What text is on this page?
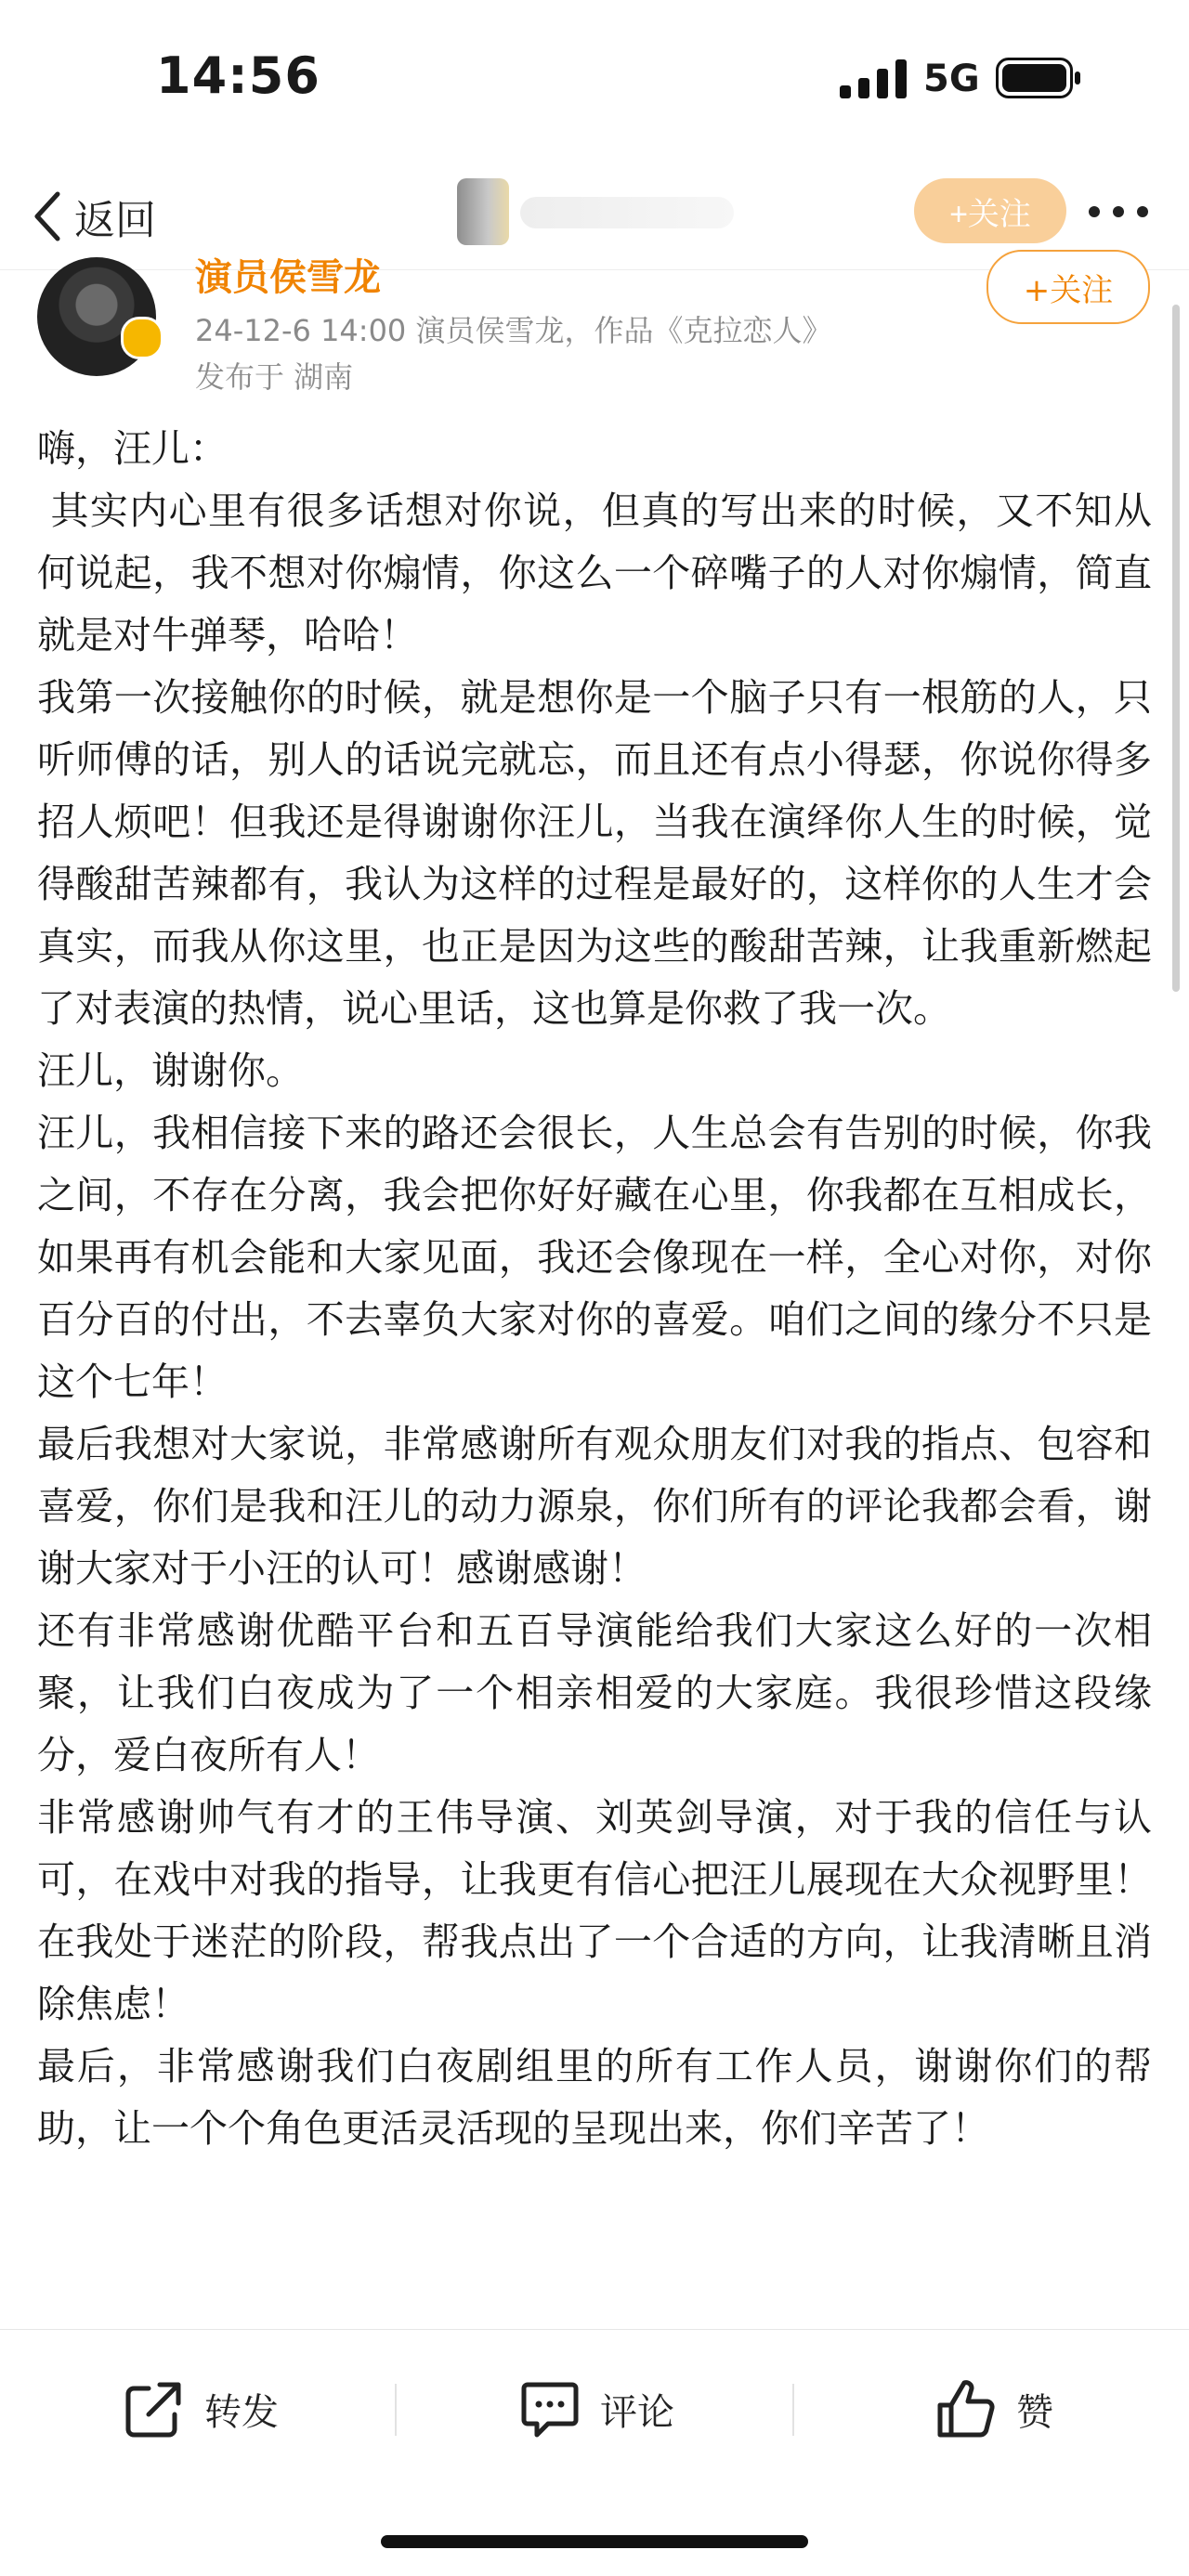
14:56	5G
返回	+关注
演员侯雪龙	+关注
24-12-6 14:00 演员侯雪龙，作品《克拉恋人》
发布于 湖南

嗨，汪儿：

其实内心里有很多话想对你说，但真的写出来的时候，又不知从何说起，我不想对你煽情，你这么一个碎嘴子的人对你煽情，简直就是对牛弹琴，哈哈！

我第一次接触你的时候，就是想你是一个脑子只有一根筋的人，只听师傅的话，别人的话说完就忘，而且还有点小得瑟，你说你得多招人烦吧！但我还是得谢谢你汪儿，当我在演绎你人生的时候，觉得酸甜苦辣都有，我认为这样的过程是最好的，这样你的人生才会真实，而我从你这里，也正是因为这些的酸甜苦辣，让我重新燃起了对表演的热情，说心里话，这也算是你救了我一次。

汪儿，谢谢你。

汪儿，我相信接下来的路还会很长，人生总会有告别的时候，你我之间，不存在分离，我会把你好好藏在心里，你我都在互相成长，如果再有机会能和大家见面，我还会像现在一样，全心对你，对你百分百的付出，不去辜负大家对你的喜爱。咱们之间的缘分不只是这个七年！

最后我想对大家说，非常感谢所有观众朋友们对我的指点、包容和喜爱，你们是我和汪儿的动力源泉，你们所有的评论我都会看，谢谢大家对于小汪的认可！感谢感谢！

还有非常感谢优酷平台和五百导演能给我们大家这么好的一次相聚，让我们白夜成为了一个相亲相爱的大家庭。我很珍惜这段缘分，爱白夜所有人！

非常感谢帅气有才的王伟导演、刘英剑导演，对于我的信任与认可，在戏中对我的指导，让我更有信心把汪儿展现在大众视野里！在我处于迷茫的阶段，帮我点出了一个合适的方向，让我清晰且消除焦虑！

最后，非常感谢我们白夜剧组里的所有工作人员，谢谢你们的帮助，让一个个角色更活灵活现的呈现出来，你们辛苦了！

转发	评论	赞
